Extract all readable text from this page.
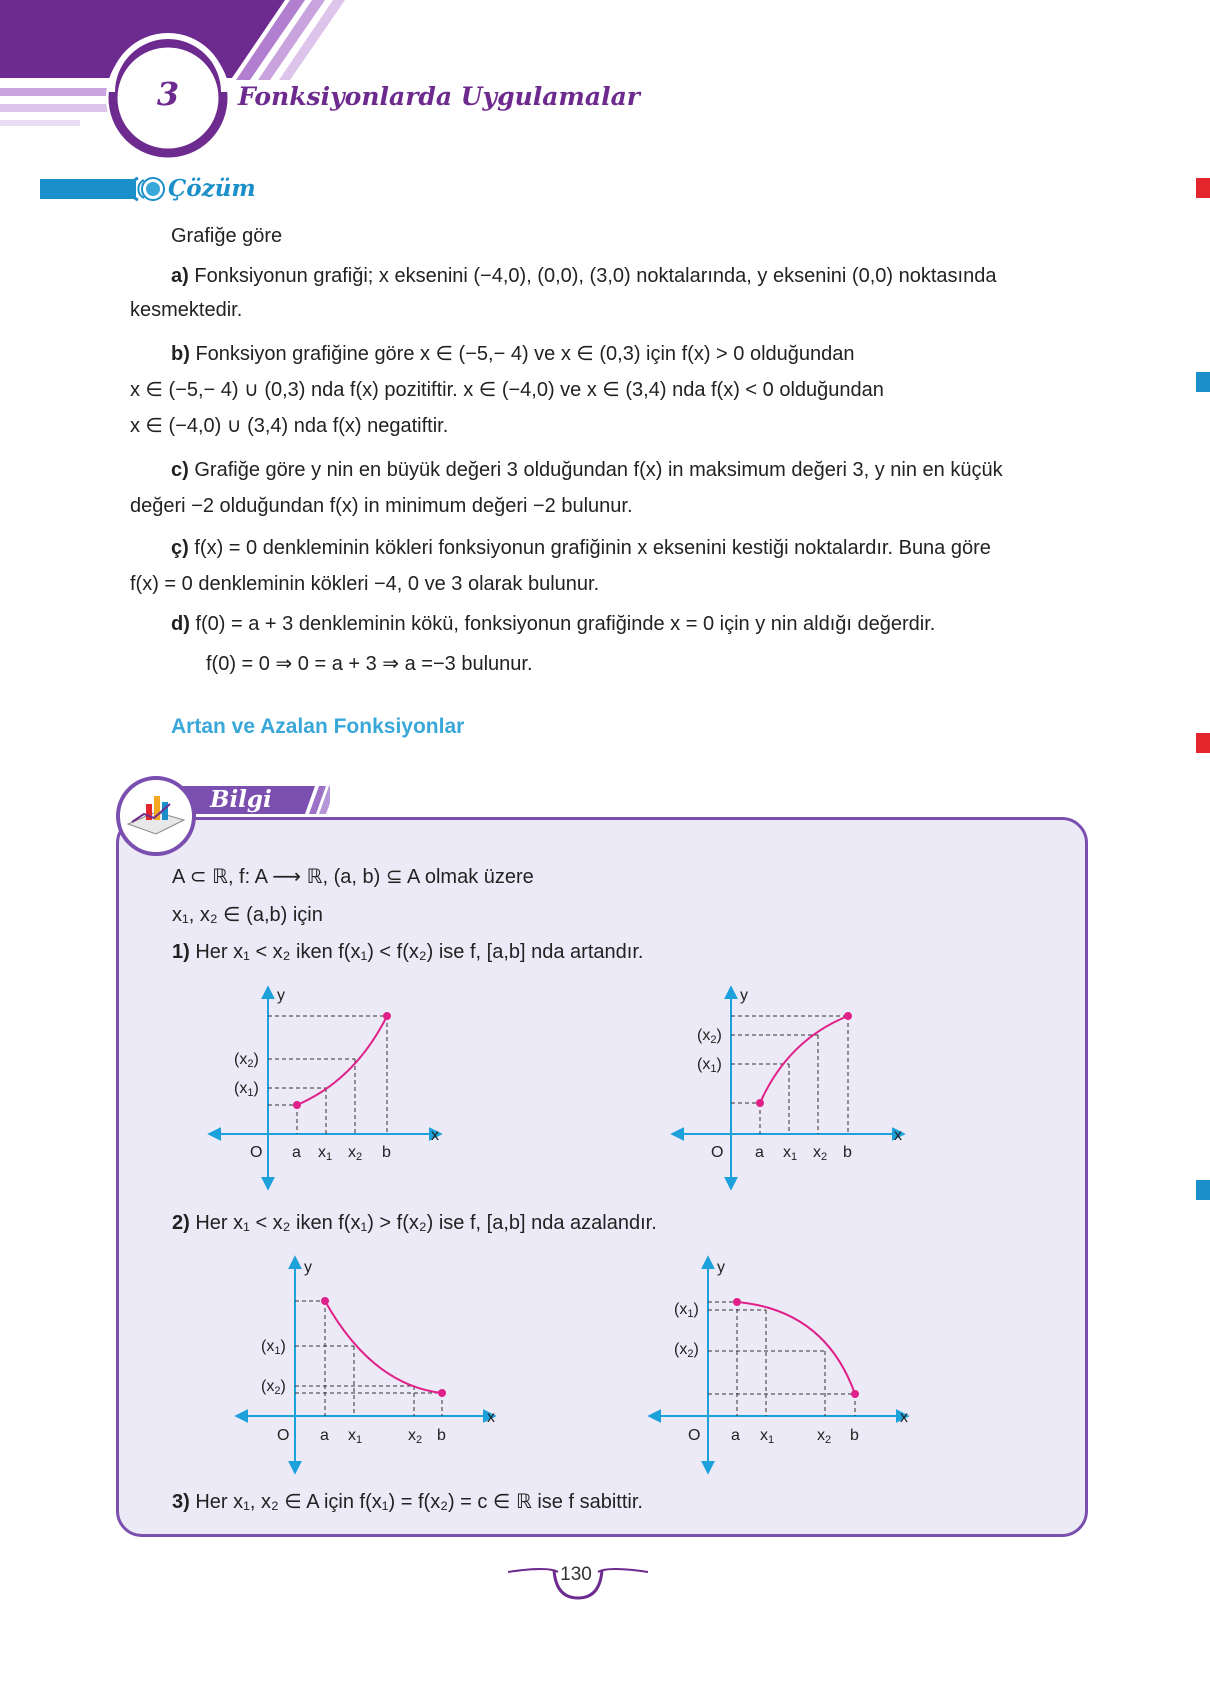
3 Fonksiyonlarda Uygulamalar
Çözüm
Grafiğe göre
a) Fonksiyonun grafiği; x eksenini (−4,0), (0,0), (3,0) noktalarında, y eksenini (0,0) noktasında
kesmektedir.
b) Fonksiyon grafiğine göre x ∈ (−5,− 4) ve x ∈ (0,3) için f(x) > 0 olduğundan
x ∈ (−5,− 4) ∪ (0,3) nda f(x) pozitiftir. x ∈ (−4,0) ve x ∈ (3,4) nda f(x) < 0 olduğundan
x ∈ (−4,0) ∪ (3,4) nda f(x) negatiftir.
c) Grafiğe göre y nin en büyük değeri 3 olduğundan f(x) in maksimum değeri 3, y nin en küçük
değeri −2 olduğundan f(x) in minimum değeri −2 bulunur.
ç) f(x) = 0 denkleminin kökleri fonksiyonun grafiğinin x eksenini kestiği noktalardır. Buna göre
f(x) = 0 denkleminin kökleri −4, 0 ve 3 olarak bulunur.
d) f(0) = a + 3 denkleminin kökü, fonksiyonun grafiğinde x = 0 için y nin aldığı değerdir.
f(0) = 0 ⇒ 0 = a + 3 ⇒ a =−3 bulunur.
Artan ve Azalan Fonksiyonlar
Bilgi
A ⊂ ℝ, f: A ⟶ ℝ, (a, b) ⊆ A olmak üzere
x₁, x₂ ∈ (a,b) için
1) Her x₁ < x₂ iken f(x₁) < f(x₂) ise f, [a,b] nda artandır.
2) Her x₁ < x₂ iken f(x₁) > f(x₂) ise f, [a,b] nda azalandır.
3) Her x₁, x₂ ∈ A için f(x₁) = f(x₂) = c ∈ ℝ ise f sabittir.
y
x
O a x1 x2 b
(x2)
(x1)
y
x
O a x1 x2 b
(x2)
(x1)
y
x
O a x1	x2 b
(x1)
(x2)
y
x
O a x1	x2 b
(x1)
(x2)
130
